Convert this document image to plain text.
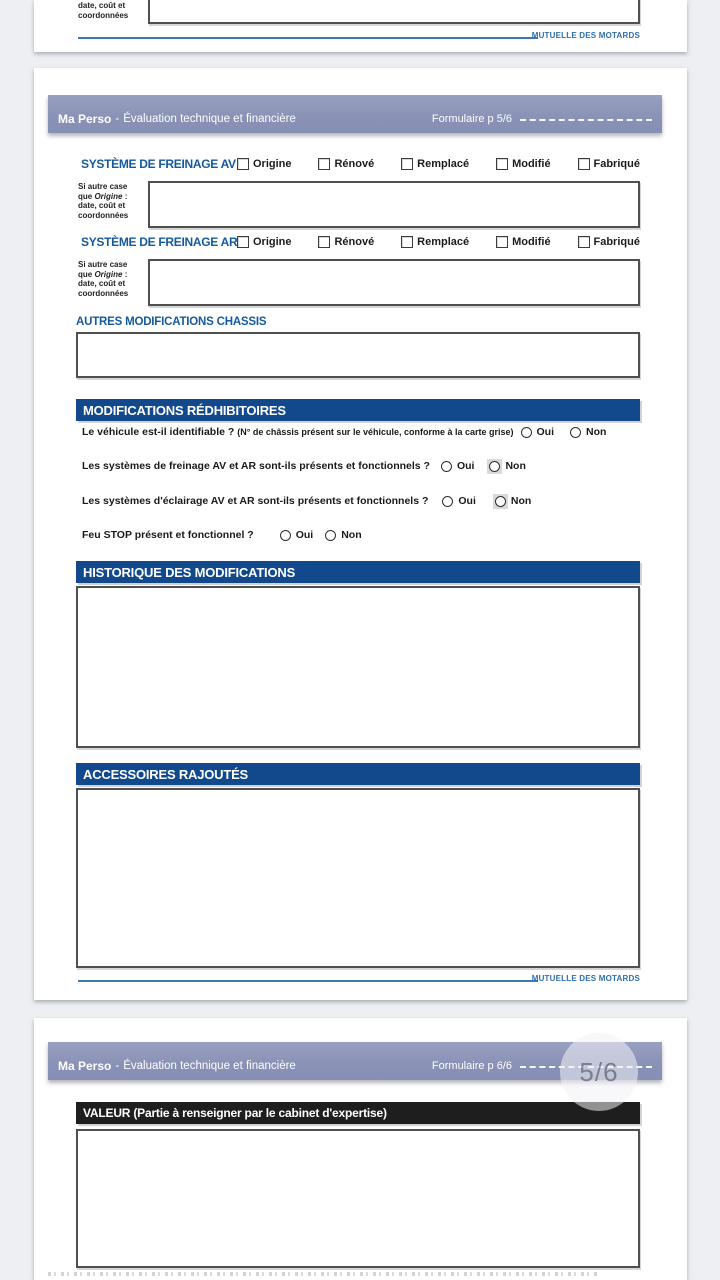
date, coût et
coordonnées
MUTUELLE DES MOTARDS
Ma Perso - Évaluation technique et financière	Formulaire p 5/6
SYSTÈME DE FREINAGE AV Origine	Rénové	Remplacé	Modifié	Fabriqué
Si autre case
que Origine :
date, coût et
coordonnées
SYSTÈME DE FREINAGE AR Origine	Rénové	Remplacé	Modifié	Fabriqué
Si autre case
que Origine :
date, coût et
coordonnées
AUTRES MODIFICATIONS CHASSIS
MODIFICATIONS RÉDHIBITOIRES
Le véhicule est-il identifiable ? (N° de châssis présent sur le véhicule, conforme à la carte grise) Oui	Non
Les systèmes de freinage AV et AR sont-ils présents et fonctionnels ?	Oui	Non
Les systèmes d'éclairage AV et AR sont-ils présents et fonctionnels ?	Oui	Non
Feu STOP présent et fonctionnel ?	Oui	Non
HISTORIQUE DES MODIFICATIONS
ACCESSOIRES RAJOUTÉS
MUTUELLE DES MOTARDS
Ma Perso - Évaluation technique et financière	Formulaire p 6/6	5/6
VALEUR (Partie à renseigner par le cabinet d'expertise)
